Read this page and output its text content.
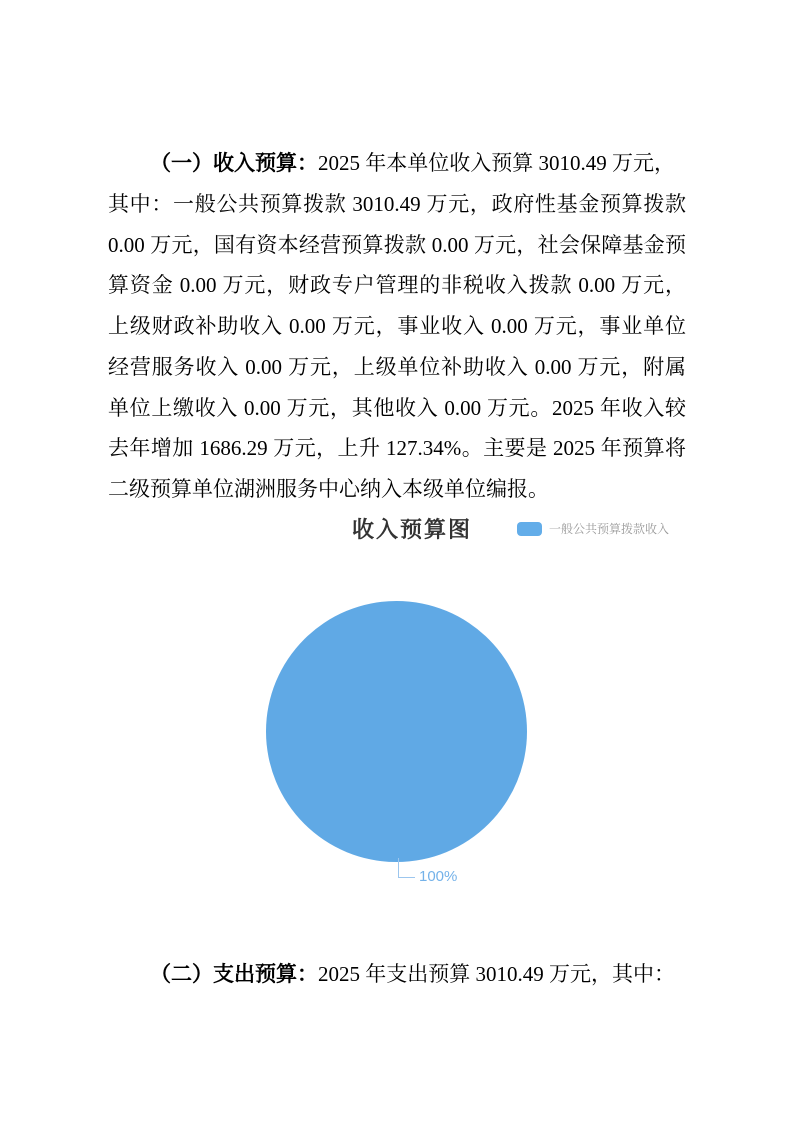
（一）收入预算：2025 年本单位收入预算 3010.49 万元，
其中：一般公共预算拨款 3010.49 万元，政府性基金预算拨款
0.00 万元，国有资本经营预算拨款 0.00 万元，社会保障基金预
算资金 0.00 万元，财政专户管理的非税收入拨款 0.00 万元，
上级财政补助收入 0.00 万元，事业收入 0.00 万元，事业单位
经营服务收入 0.00 万元，上级单位补助收入 0.00 万元，附属
单位上缴收入 0.00 万元，其他收入 0.00 万元。2025 年收入较
去年增加 1686.29 万元，上升 127.34%。主要是 2025 年预算将
二级预算单位湖洲服务中心纳入本级单位编报。
收入预算图	一般公共预算拨款收入
100%
（二）支出预算：2025 年支出预算 3010.49 万元，其中：
